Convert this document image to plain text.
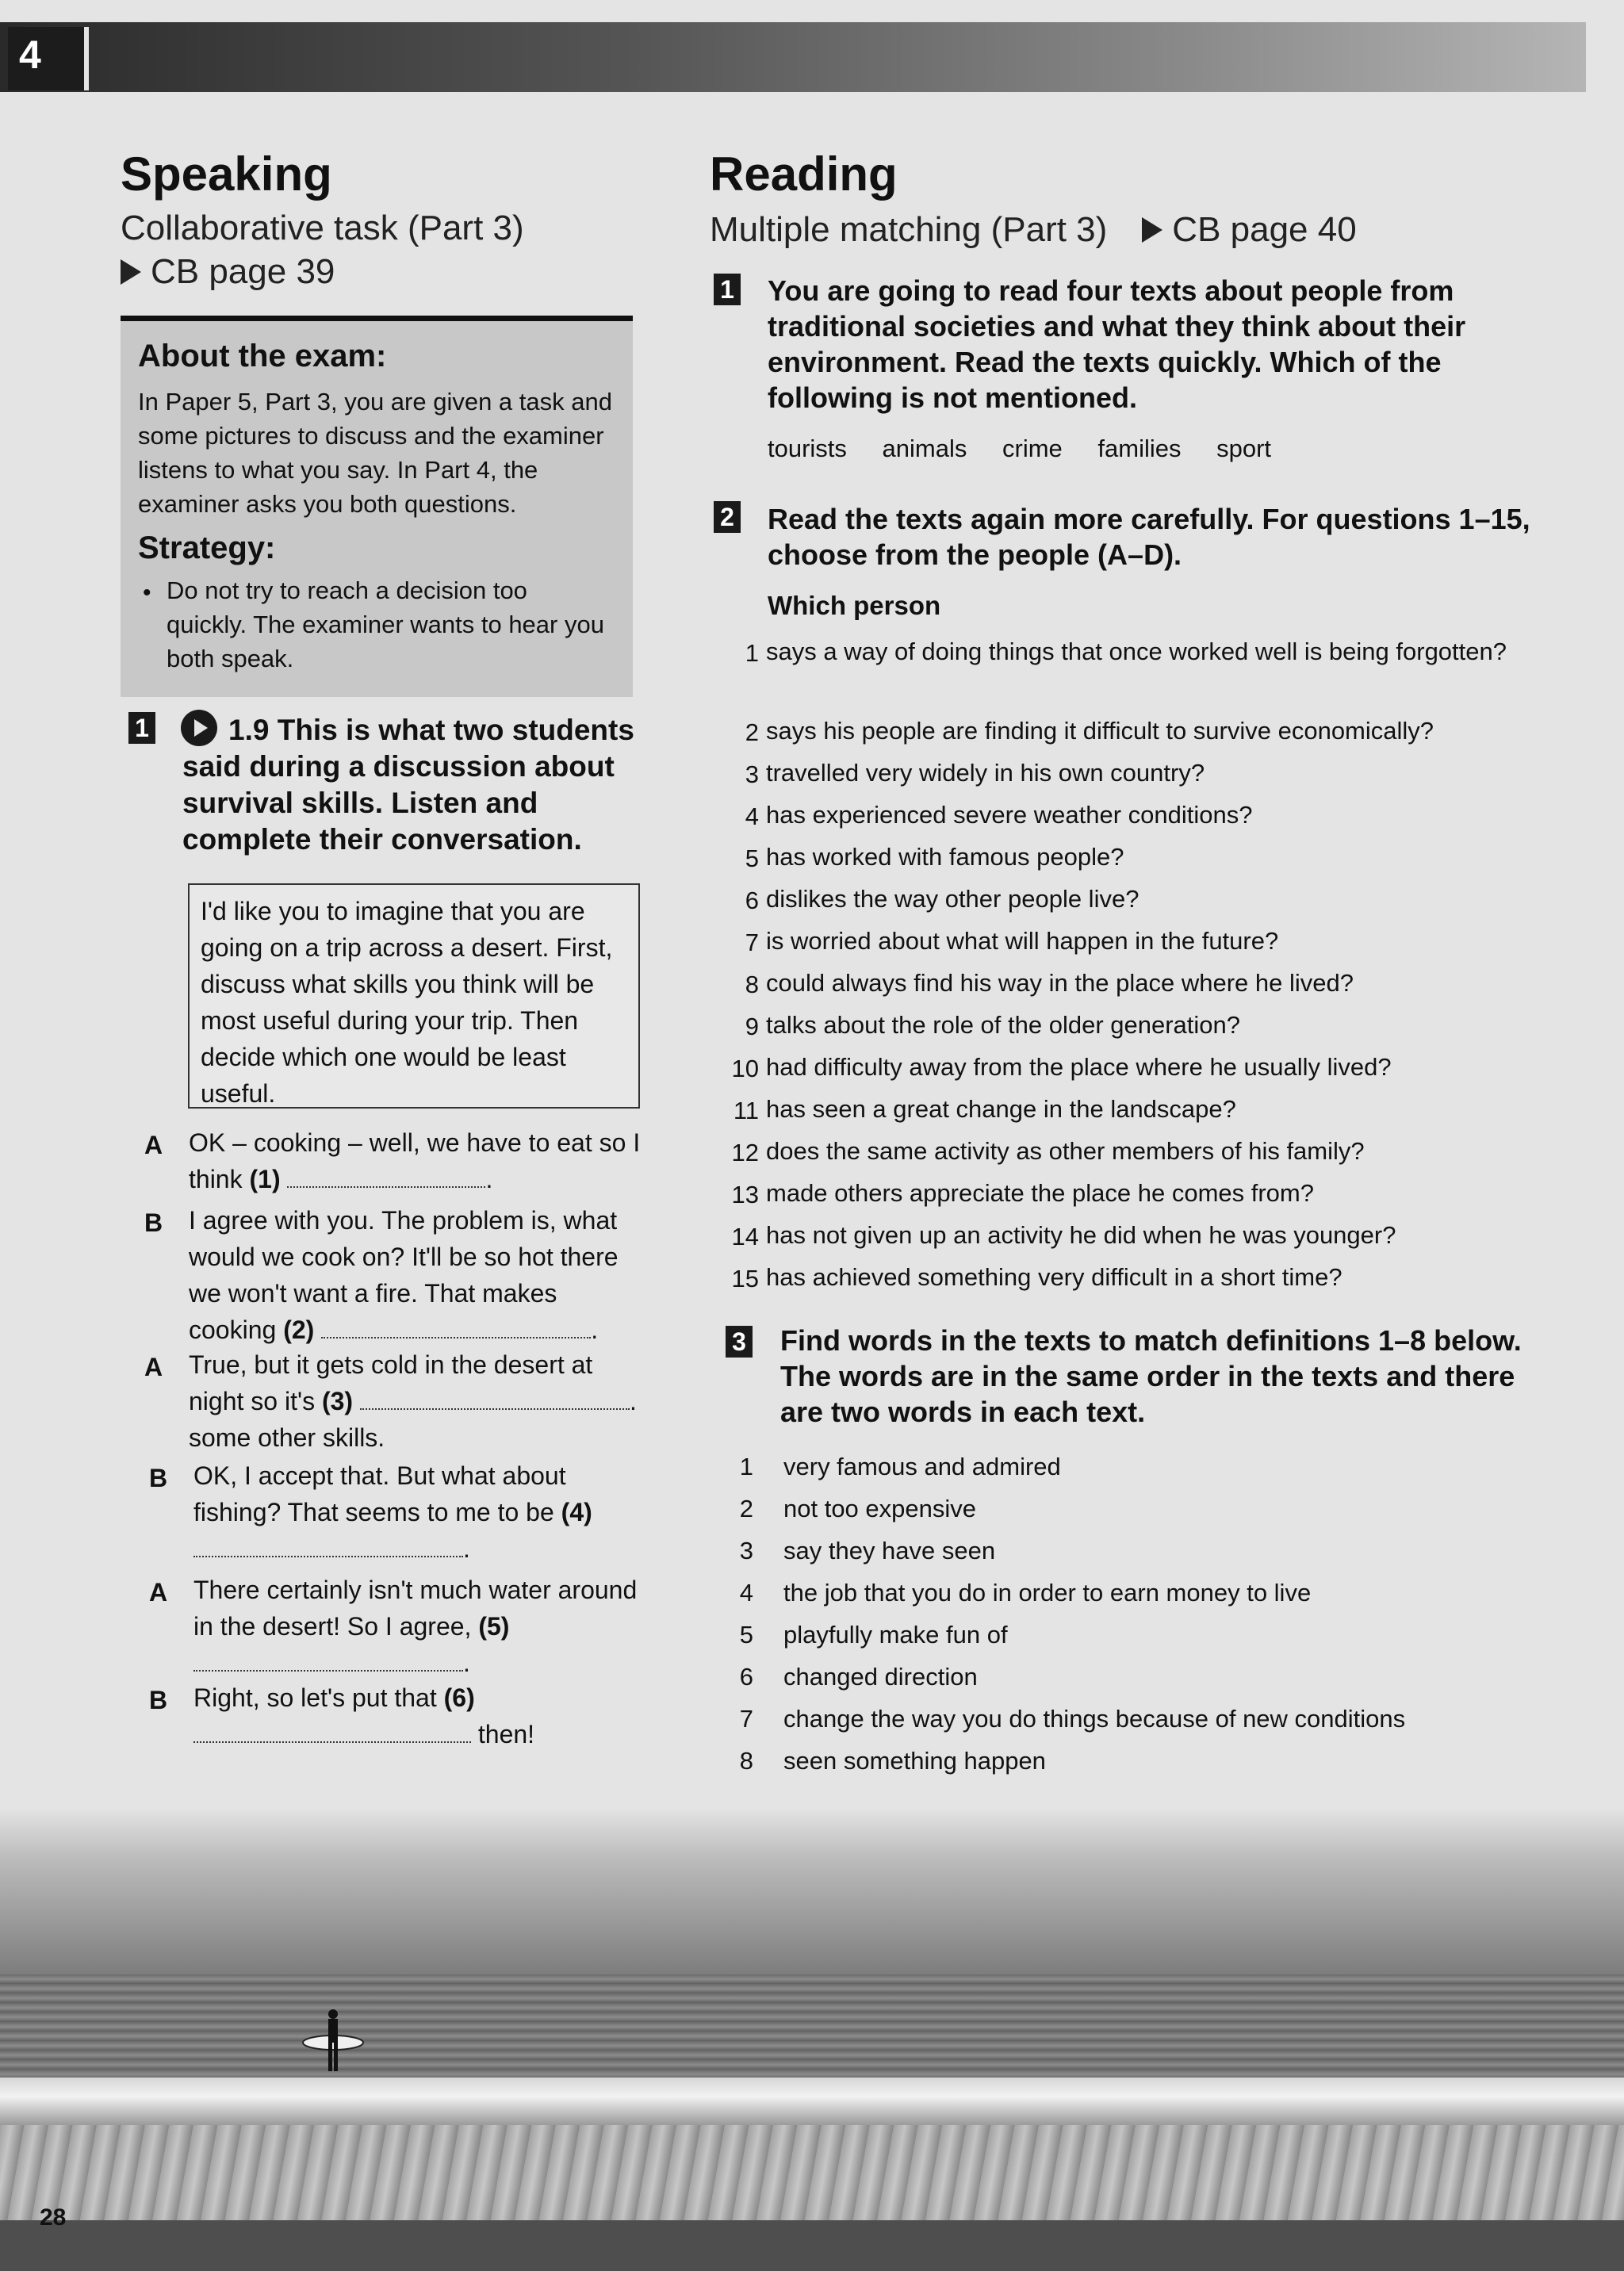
4
Speaking
Collaborative task (Part 3)
CB page 39
About the exam:
In Paper 5, Part 3, you are given a task and some pictures to discuss and the examiner listens to what you say. In Part 4, the examiner asks you both questions.
Strategy:
• Do not try to reach a decision too quickly. The examiner wants to hear you both speak.
1	1.9 This is what two students said during a discussion about survival skills. Listen and complete their conversation.
I'd like you to imagine that you are going on a trip across a desert. First, discuss what skills you think will be most useful during your trip. Then decide which one would be least useful.
A OK – cooking – well, we have to eat so I think (1)	.
B I agree with you. The problem is, what would we cook on? It'll be so hot there we won't want a fire. That makes cooking (2)	.
A True, but it gets cold in the desert at night so it's (3)	. some other skills.
B OK, I accept that. But what about fishing? That seems to me to be (4) .
A There certainly isn't much water around in the desert! So I agree, (5) .
B Right, so let's put that (6)  then!
Reading
Multiple matching (Part 3) CB page 40
1 You are going to read four texts about people from traditional societies and what they think about their environment. Read the texts quickly. Which of the following is not mentioned.
tourists animals crime families sport
2 Read the texts again more carefully. For questions 1–15, choose from the people (A–D).
Which person
1 says a way of doing things that once worked well is being forgotten?
2 says his people are finding it difficult to survive economically?
3 travelled very widely in his own country?
4 has experienced severe weather conditions?
5 has worked with famous people?
6 dislikes the way other people live?
7 is worried about what will happen in the future?
8 could always find his way in the place where he lived?
9 talks about the role of the older generation?
10 had difficulty away from the place where he usually lived?
11 has seen a great change in the landscape?
12 does the same activity as other members of his family?
13 made others appreciate the place he comes from?
14 has not given up an activity he did when he was younger?
15 has achieved something very difficult in a short time?
3 Find words in the texts to match definitions 1–8 below. The words are in the same order in the texts and there are two words in each text.
1 very famous and admired
2 not too expensive
3 say they have seen
4 the job that you do in order to earn money to live
5 playfully make fun of
6 changed direction
7 change the way you do things because of new conditions
8 seen something happen
28
